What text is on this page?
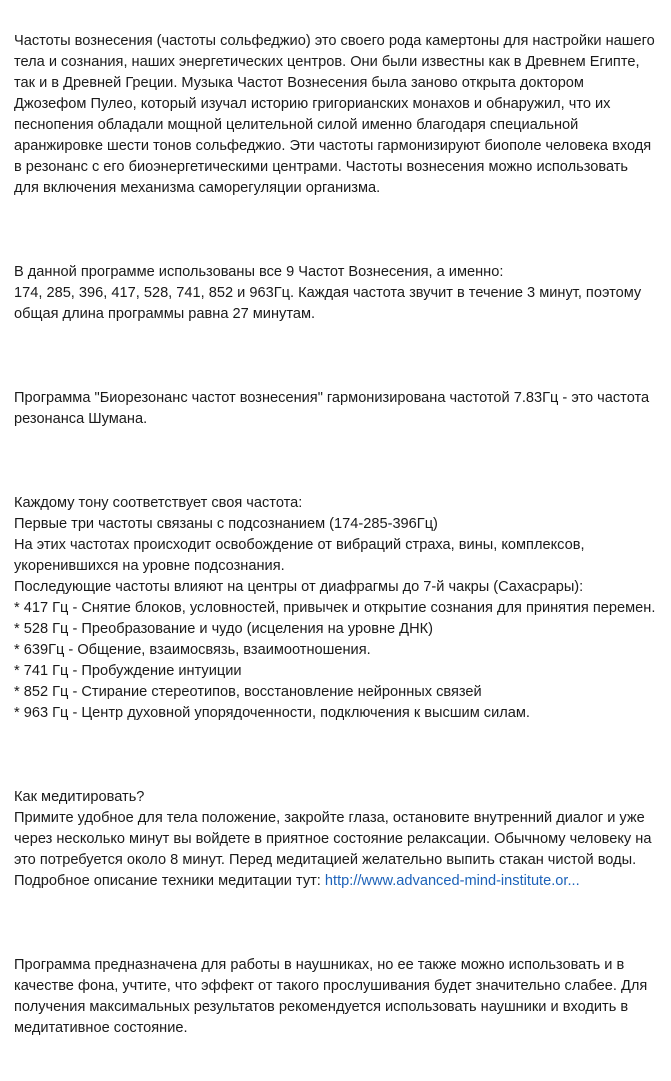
Частоты вознесения (частоты сольфеджио) это своего рода камертоны для настройки нашего тела и сознания, наших энергетических центров. Они были известны как в Древнем Египте, так и в Древней Греции. Музыка Частот Вознесения была заново открыта доктором Джозефом Пулео, который изучал историю григорианских монахов и обнаружил, что их песнопения обладали мощной целительной силой именно благодаря специальной аранжировке шести тонов сольфеджио. Эти частоты гармонизируют биополе человека входя в резонанс с его биоэнергетическими центрами. Частоты вознесения можно использовать для включения механизма саморегуляции организма.

В данной программе использованы все 9 Частот Вознесения, а именно:
174, 285, 396, 417, 528, 741, 852 и 963Гц. Каждая частота звучит в течение 3 минут, поэтому общая длина программы равна 27 минутам.

Программа "Биорезонанс частот вознесения" гармонизирована частотой 7.83Гц - это частота резонанса Шумана.

Каждому тону соответствует своя частота:
Первые три частоты связаны с подсознанием (174-285-396Гц)
На этих частотах происходит освобождение от вибраций страха, вины, комплексов, укоренившихся на уровне подсознания.
Последующие частоты влияют на центры от диафрагмы до 7-й чакры (Сахасрары):
* 417 Гц - Снятие блоков, условностей, привычек и открытие сознания для принятия перемен.
* 528 Гц - Преобразование и чудо (исцеления на уровне ДНК)
* 639Гц - Общение, взаимосвязь, взаимоотношения.
* 741 Гц - Пробуждение интуиции
* 852 Гц - Стирание стереотипов, восстановление нейронных связей
* 963 Гц - Центр духовной упорядоченности, подключения к высшим силам.

Как медитировать?
Примите удобное для тела положение, закройте глаза, остановите внутренний диалог и уже через несколько минут вы войдете в приятное состояние релаксации. Обычному человеку на это потребуется около 8 минут. Перед медитацией желательно выпить стакан чистой воды. Подробное описание техники медитации тут: http://www.advanced-mind-institute.or...

Программа предназначена для работы в наушниках, но ее также можно использовать и в качестве фона, учтите, что эффект от такого прослушивания будет значительно слабее. Для получения максимальных результатов рекомендуется использовать наушники и входить в медитативное состояние.
